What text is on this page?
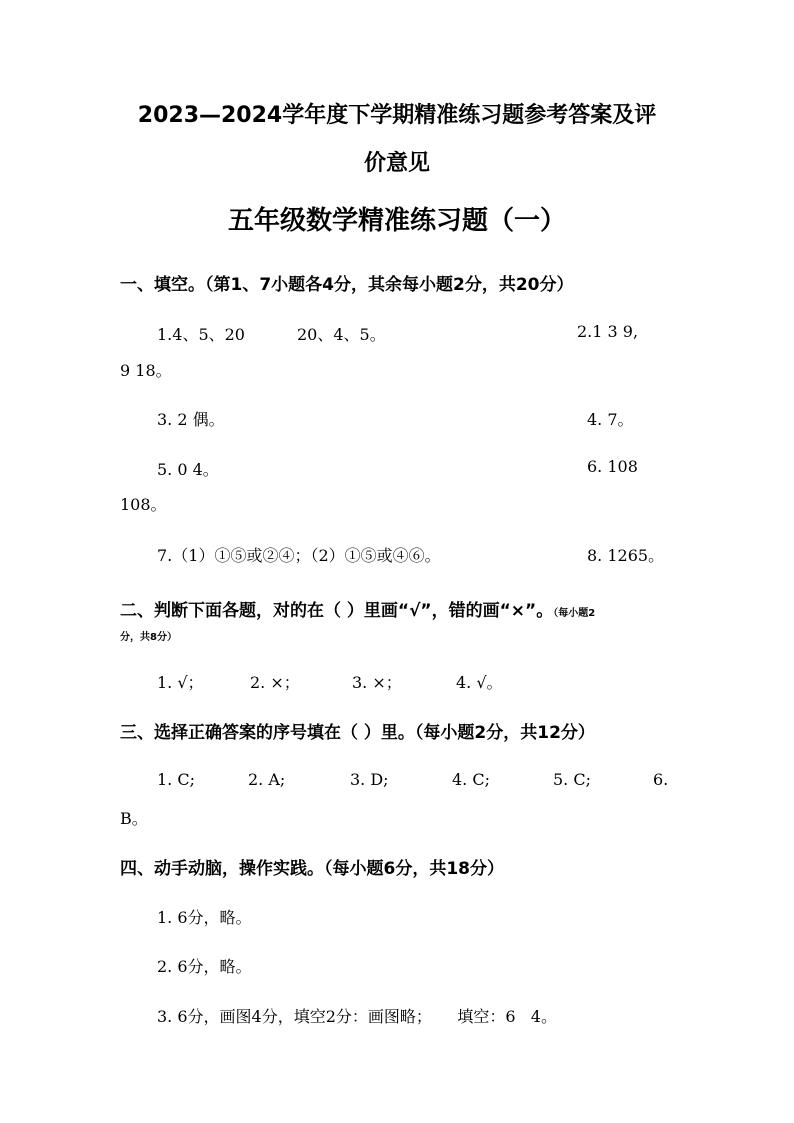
2023—2024学年度下学期精准练习题参考答案及评
价意见
五年级数学精准练习题（一）
一、填空。（第1、7小题各4分，其余每小题2分，共20分）
1.4、5、20	20、4、5。	2.1 3 9,
9 18。
3. 2 偶。	4. 7。
5. 0 4。	6. 108
108。
7.（1）①⑤或②④；（2）①⑤或④⑥。	8. 1265。
二、判断下面各题，对的在（ ）里画“√”，错的画“×”。（每小题2
分，共8分）
1. √；	2. ×；	3. ×；	4. √。
三、选择正确答案的序号填在（ ）里。（每小题2分，共12分）
1. C;	2. A;	3. D;	4. C;	5. C;	6.
B。
四、动手动脑，操作实践。（每小题6分，共18分）
1. 6分，略。
2. 6分，略。
3. 6分，画图4分，填空2分：画图略；     填空：6   4。
